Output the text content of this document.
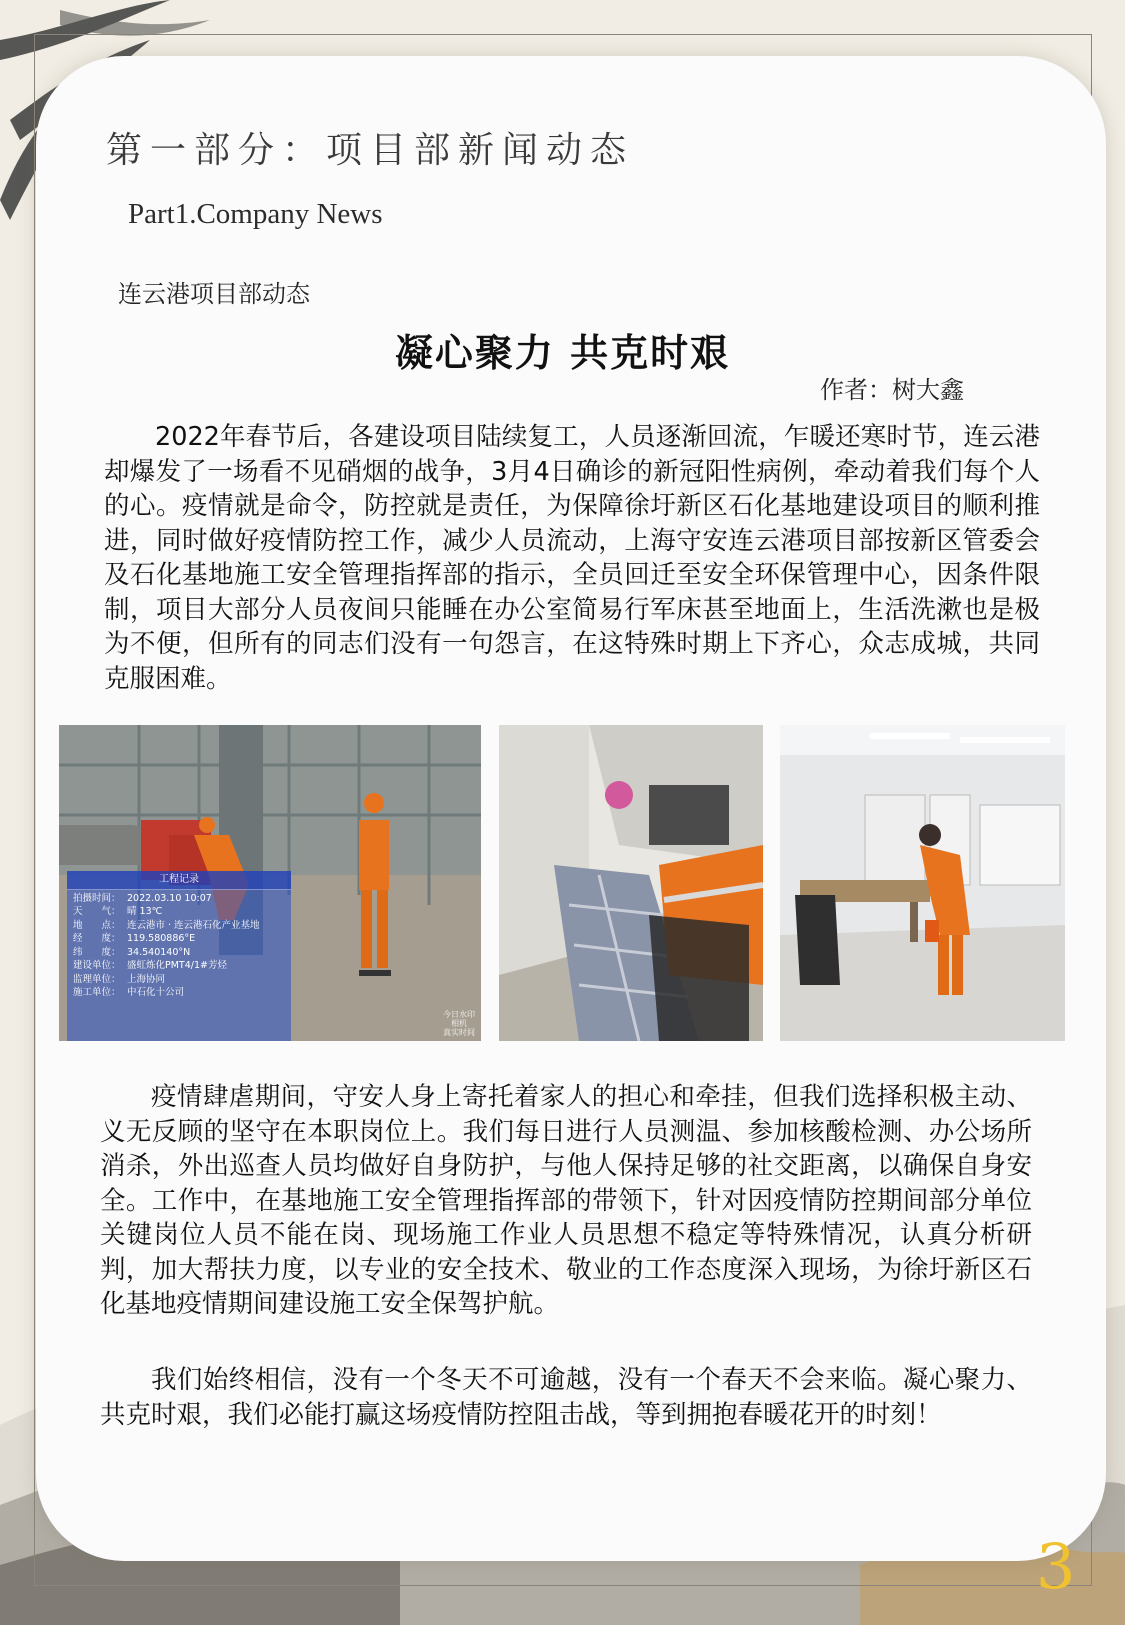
第一部分：项目部新闻动态
Part1.Company News
连云港项目部动态
凝心聚力 共克时艰
作者：树大鑫

2022年春节后，各建设项目陆续复工，人员逐渐回流，乍暖还寒时节，连云港却爆发了一场看不见硝烟的战争，3月4日确诊的新冠阳性病例，牵动着我们每个人的心。疫情就是命令，防控就是责任，为保障徐圩新区石化基地建设项目的顺利推进，同时做好疫情防控工作，减少人员流动，上海守安连云港项目部按新区管委会及石化基地施工安全管理指挥部的指示，全员回迁至安全环保管理中心，因条件限制，项目大部分人员夜间只能睡在办公室简易行军床甚至地面上，生活洗漱也是极为不便，但所有的同志们没有一句怨言，在这特殊时期上下齐心，众志成城，共同克服困难。

工程记录
拍摄时间： 2022.03.10 10:07
天　　气： 晴 13℃
地　　点： 连云港市 · 连云港石化产业基地
经　　度： 119.580886°E
纬　　度： 34.540140°N
建设单位： 盛虹炼化PMT4/1#芳烃
监理单位： 上海协同
施工单位： 中石化十公司
今日水印
相机
真实时间

疫情肆虐期间，守安人身上寄托着家人的担心和牵挂，但我们选择积极主动、义无反顾的坚守在本职岗位上。我们每日进行人员测温、参加核酸检测、办公场所消杀，外出巡查人员均做好自身防护，与他人保持足够的社交距离，以确保自身安全。工作中，在基地施工安全管理指挥部的带领下，针对因疫情防控期间部分单位关键岗位人员不能在岗、现场施工作业人员思想不稳定等特殊情况，认真分析研判，加大帮扶力度，以专业的安全技术、敬业的工作态度深入现场，为徐圩新区石化基地疫情期间建设施工安全保驾护航。

我们始终相信，没有一个冬天不可逾越，没有一个春天不会来临。凝心聚力、共克时艰，我们必能打赢这场疫情防控阻击战，等到拥抱春暖花开的时刻！

3
